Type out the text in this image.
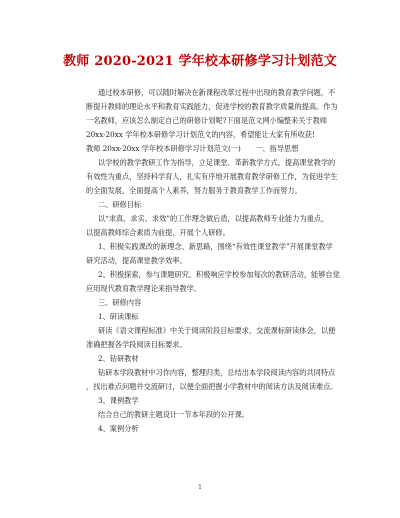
教师 2020-2021 学年校本研修学习计划范文
通过校本研修，可以随时解决在新课程改革过程中出现的教育教学问题，不
断提升教师的理论水平和教育实践能力，促进学校的教育教学质量的提高。作为
一名教师，应该怎么制定自己的研修计划呢?下面是范文网小编整来关于教师
20xx-20xx 学年校本研修学习计划范文的内容，希望能让大家有所收获!
教师 20xx-20xx 学年校本研修学习计划范文(一)　　一、指导思想
以学校的教学教研工作为指导，立足课堂、革新教学方式，提高课堂教学的
有效性为重点，坚持科学育人，扎实有序地开展教育教学研修工作，为促进学生
的全面发展，全面提高个人素养，努力服务于教育教学工作而努力。
二、研修目标
以“求真、求实、求效”的工作理念做后盾，以提高教师专业能力为重点，
以提高教师综合素质为前提，开展个人研修。
1、积极实践课改的新理念、新思路，围绕“有效性课堂教学”开展课堂教学
研究活动，提高课堂教学效率。
2、积极探索，参与课题研究，积极响应学校参加每次的教研活动，能够自觉
应用现代教育教学理论来指导教学。
三、研修内容
1、研读课标
研读《语文课程标准》中关于阅读阶段目标要求，交流课标研读体会，以便
准确把握各学段阅读目标要求。
2、钻研教材
钻研本学段教材中习作内容，整理归类，总结出本学段阅读内容的共同特点
，找出难点问题并交流研讨，以便全面把握小学教材中的阅读方法及阅读难点。
3、课例教学
结合自己的教研主题设计一节本年段的公开课。
4、案例分析
1
